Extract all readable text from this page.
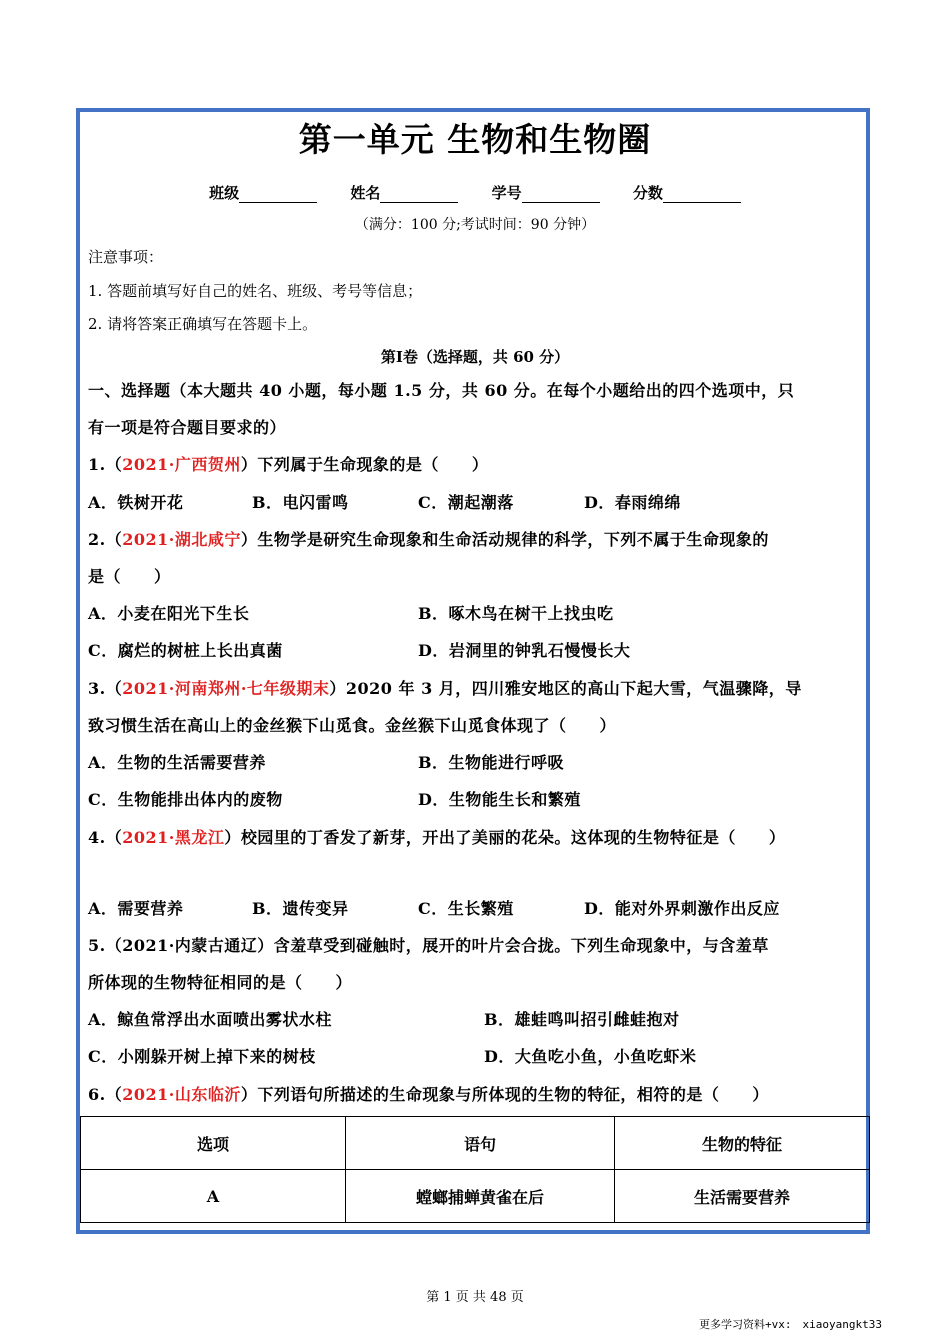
第一单元 生物和生物圈
班级	姓名	学号	分数
（满分：100 分;考试时间：90 分钟）
注意事项：
1. 答题前填写好自己的姓名、班级、考号等信息；
2. 请将答案正确填写在答题卡上。
第Ⅰ卷（选择题，共 60 分）
一、选择题（本大题共 40 小题，每小题 1.5 分，共 60 分。在每个小题给出的四个选项中，只
有一项是符合题目要求的）
1.（2021·广西贺州）下列属于生命现象的是（　　）
A．铁树开花	B．电闪雷鸣	C．潮起潮落	D．春雨绵绵
2.（2021·湖北咸宁）生物学是研究生命现象和生命活动规律的科学，下列不属于生命现象的
是（　　）
A．小麦在阳光下生长	B．啄木鸟在树干上找虫吃
C．腐烂的树桩上长出真菌	D．岩洞里的钟乳石慢慢长大
3.（2021·河南郑州·七年级期末）2020 年 3 月，四川雅安地区的高山下起大雪，气温骤降，导
致习惯生活在高山上的金丝猴下山觅食。金丝猴下山觅食体现了（　　）
A．生物的生活需要营养	B．生物能进行呼吸
C．生物能排出体内的废物	D．生物能生长和繁殖
4.（2021·黑龙江）校园里的丁香发了新芽，开出了美丽的花朵。这体现的生物特征是（　　）
A．需要营养	B．遗传变异	C．生长繁殖	D．能对外界刺激作出反应
5.（2021·内蒙古通辽）含羞草受到碰触时，展开的叶片会合拢。下列生命现象中，与含羞草
所体现的生物特征相同的是（　　）
A．鲸鱼常浮出水面喷出雾状水柱	B．雄蛙鸣叫招引雌蛙抱对
C．小刚躲开树上掉下来的树枝	D．大鱼吃小鱼，小鱼吃虾米
6.（2021·山东临沂）下列语句所描述的生命现象与所体现的生物的特征，相符的是（　　）
选项	语句	生物的特征
A	螳螂捕蝉黄雀在后	生活需要营养
第 1 页 共 48 页
更多学习资料+vx:　xiaoyangkt33
